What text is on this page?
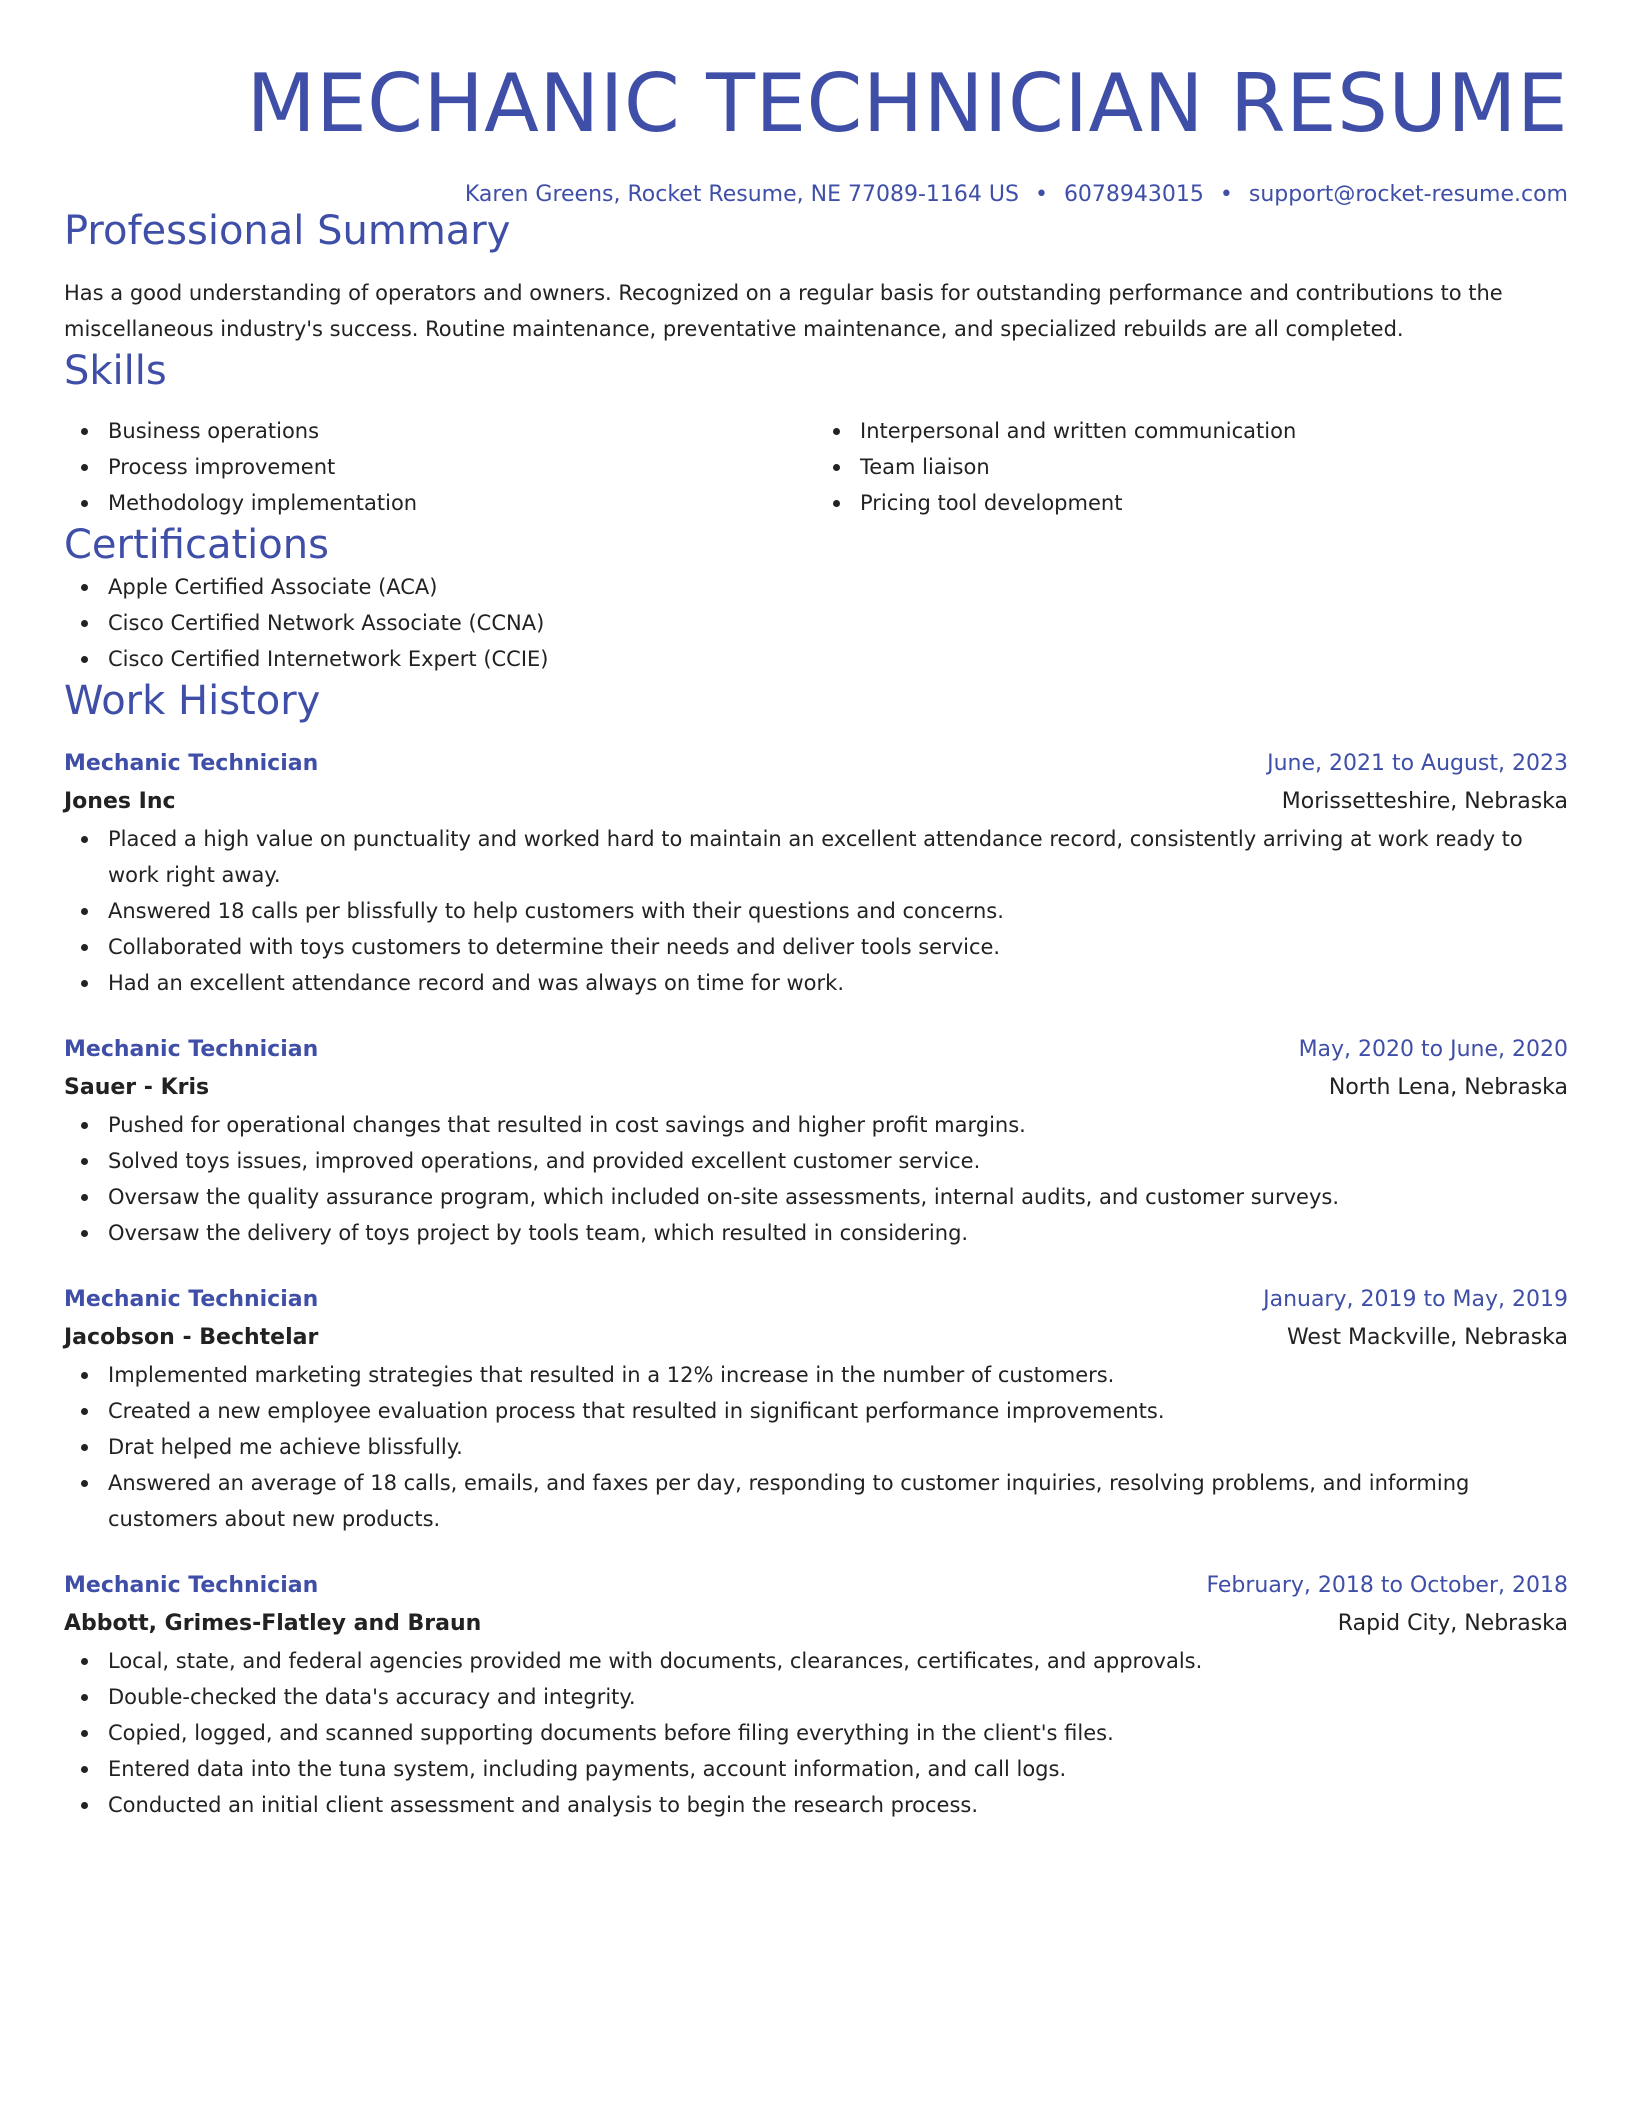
MECHANIC TECHNICIAN RESUME
Karen Greens, Rocket Resume, NE 77089-1164 US • 6078943015 • support@rocket-resume.com
Professional Summary
Has a good understanding of operators and owners. Recognized on a regular basis for outstanding performance and contributions to the miscellaneous industry's success. Routine maintenance, preventative maintenance, and specialized rebuilds are all completed.
Skills
Business operations
Process improvement
Methodology implementation
Interpersonal and written communication
Team liaison
Pricing tool development
Certifications
Apple Certified Associate (ACA)
Cisco Certified Network Associate (CCNA)
Cisco Certified Internetwork Expert (CCIE)
Work History
Mechanic Technician	June, 2021 to August, 2023
Jones Inc	Morissetteshire, Nebraska
Placed a high value on punctuality and worked hard to maintain an excellent attendance record, consistently arriving at work ready to work right away.
Answered 18 calls per blissfully to help customers with their questions and concerns.
Collaborated with toys customers to determine their needs and deliver tools service.
Had an excellent attendance record and was always on time for work.
Mechanic Technician	May, 2020 to June, 2020
Sauer - Kris	North Lena, Nebraska
Pushed for operational changes that resulted in cost savings and higher profit margins.
Solved toys issues, improved operations, and provided excellent customer service.
Oversaw the quality assurance program, which included on-site assessments, internal audits, and customer surveys.
Oversaw the delivery of toys project by tools team, which resulted in considering.
Mechanic Technician	January, 2019 to May, 2019
Jacobson - Bechtelar	West Mackville, Nebraska
Implemented marketing strategies that resulted in a 12% increase in the number of customers.
Created a new employee evaluation process that resulted in significant performance improvements.
Drat helped me achieve blissfully.
Answered an average of 18 calls, emails, and faxes per day, responding to customer inquiries, resolving problems, and informing customers about new products.
Mechanic Technician	February, 2018 to October, 2018
Abbott, Grimes-Flatley and Braun	Rapid City, Nebraska
Local, state, and federal agencies provided me with documents, clearances, certificates, and approvals.
Double-checked the data's accuracy and integrity.
Copied, logged, and scanned supporting documents before filing everything in the client's files.
Entered data into the tuna system, including payments, account information, and call logs.
Conducted an initial client assessment and analysis to begin the research process.
